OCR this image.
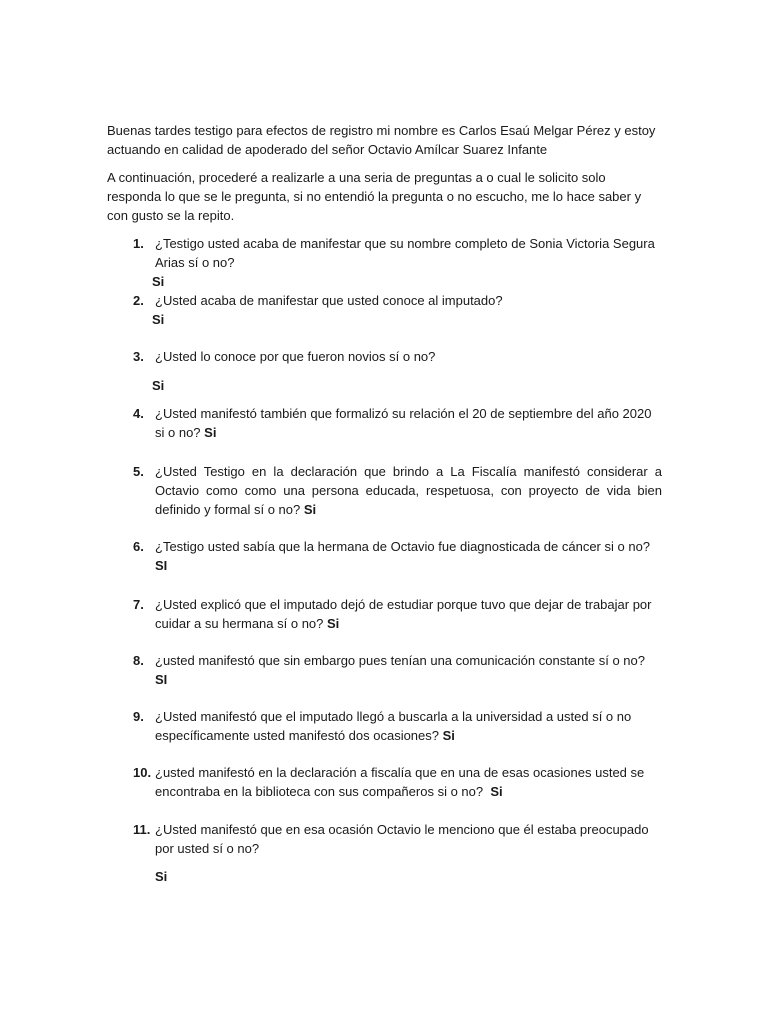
Buenas tardes testigo para efectos de registro mi nombre es Carlos Esaú Melgar Pérez y estoy actuando en calidad de apoderado del señor Octavio Amílcar Suarez Infante

A continuación, procederé a realizarle a una seria de preguntas a o cual le solicito solo responda lo que se le pregunta, si no entendió la pregunta o no escucho, me lo hace saber y con gusto se la repito.

1. ¿Testigo usted acaba de manifestar que su nombre completo de Sonia Victoria Segura Arias sí o no?
Si
2. ¿Usted acaba de manifestar que usted conoce al imputado?
Si
3. ¿Usted lo conoce por que fueron novios sí o no?
Si
4. ¿Usted manifestó también que formalizó su relación el 20 de septiembre del año 2020 si o no? Si
5. ¿Usted Testigo en la declaración que brindo a La Fiscalía manifestó considerar a Octavio como como una persona educada, respetuosa, con proyecto de vida bien definido y formal sí o no? Si
6. ¿Testigo usted sabía que la hermana de Octavio fue diagnosticada de cáncer si o no? SI
7. ¿Usted explicó que el imputado dejó de estudiar porque tuvo que dejar de trabajar por cuidar a su hermana sí o no? Si
8. ¿usted manifestó que sin embargo pues tenían una comunicación constante sí o no?
SI
9. ¿Usted manifestó que el imputado llegó a buscarla a la universidad a usted sí o no específicamente usted manifestó dos ocasiones? Si
10. ¿usted manifestó en la declaración a fiscalía que en una de esas ocasiones usted se encontraba en la biblioteca con sus compañeros si o no? Si
11. ¿Usted manifestó que en esa ocasión Octavio le menciono que él estaba preocupado por usted sí o no?
Si
